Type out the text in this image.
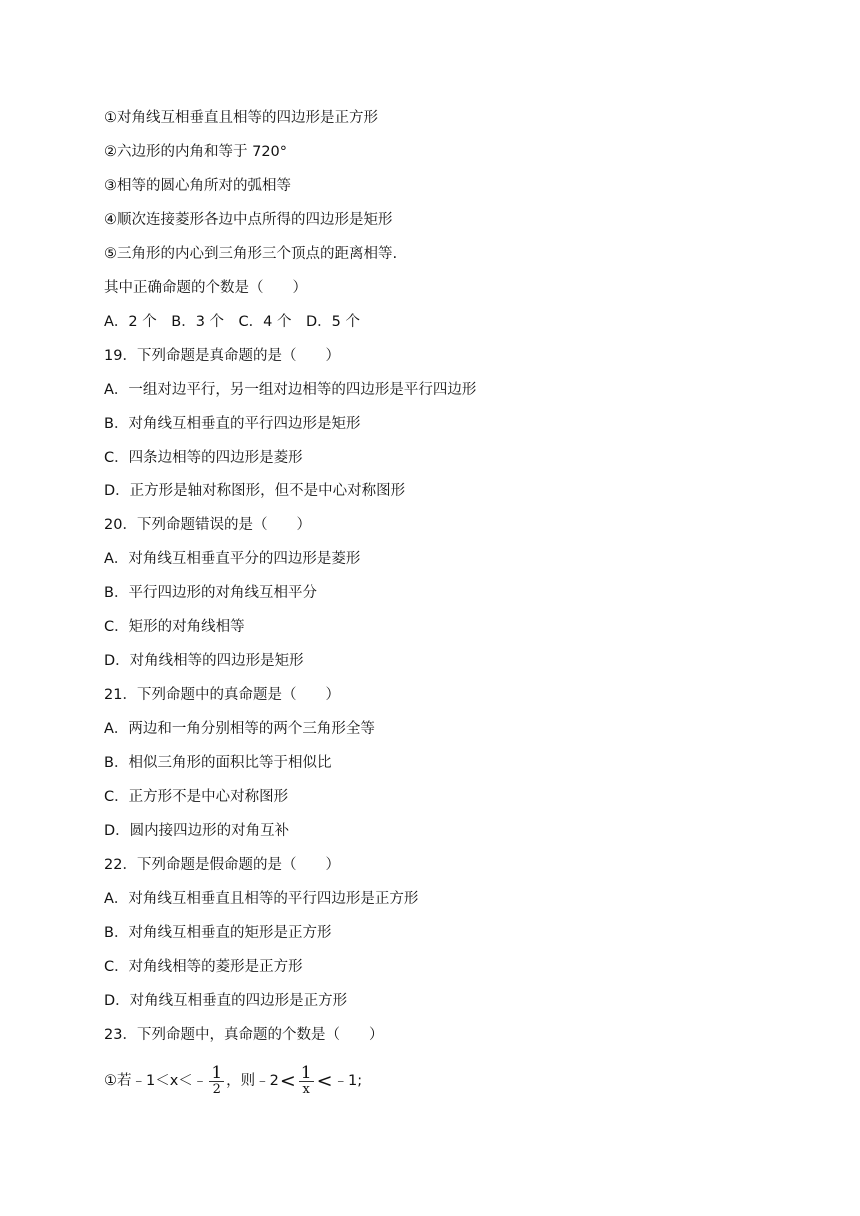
①对角线互相垂直且相等的四边形是正方形
②六边形的内角和等于 720°
③相等的圆心角所对的弧相等
④顺次连接菱形各边中点所得的四边形是矩形
⑤三角形的内心到三角形三个顶点的距离相等.
其中正确命题的个数是（　　）
A．2 个　B．3 个　C．4 个　D．5 个
19．下列命题是真命题的是（　　）
A．一组对边平行，另一组对边相等的四边形是平行四边形
B．对角线互相垂直的平行四边形是矩形
C．四条边相等的四边形是菱形
D．正方形是轴对称图形，但不是中心对称图形
20．下列命题错误的是（　　）
A．对角线互相垂直平分的四边形是菱形
B．平行四边形的对角线互相平分
C．矩形的对角线相等
D．对角线相等的四边形是矩形
21．下列命题中的真命题是（　　）
A．两边和一角分别相等的两个三角形全等
B．相似三角形的面积比等于相似比
C．正方形不是中心对称图形
D．圆内接四边形的对角互补
22．下列命题是假命题的是（　　）
A．对角线互相垂直且相等的平行四边形是正方形
B．对角线互相垂直的矩形是正方形
C．对角线相等的菱形是正方形
D．对角线互相垂直的四边形是正方形
23．下列命题中，真命题的个数是（　　）
①若﹣1＜x＜﹣ $\frac{1}{2}$ ，则﹣2 < $\frac{1}{x}$ < ﹣1;
